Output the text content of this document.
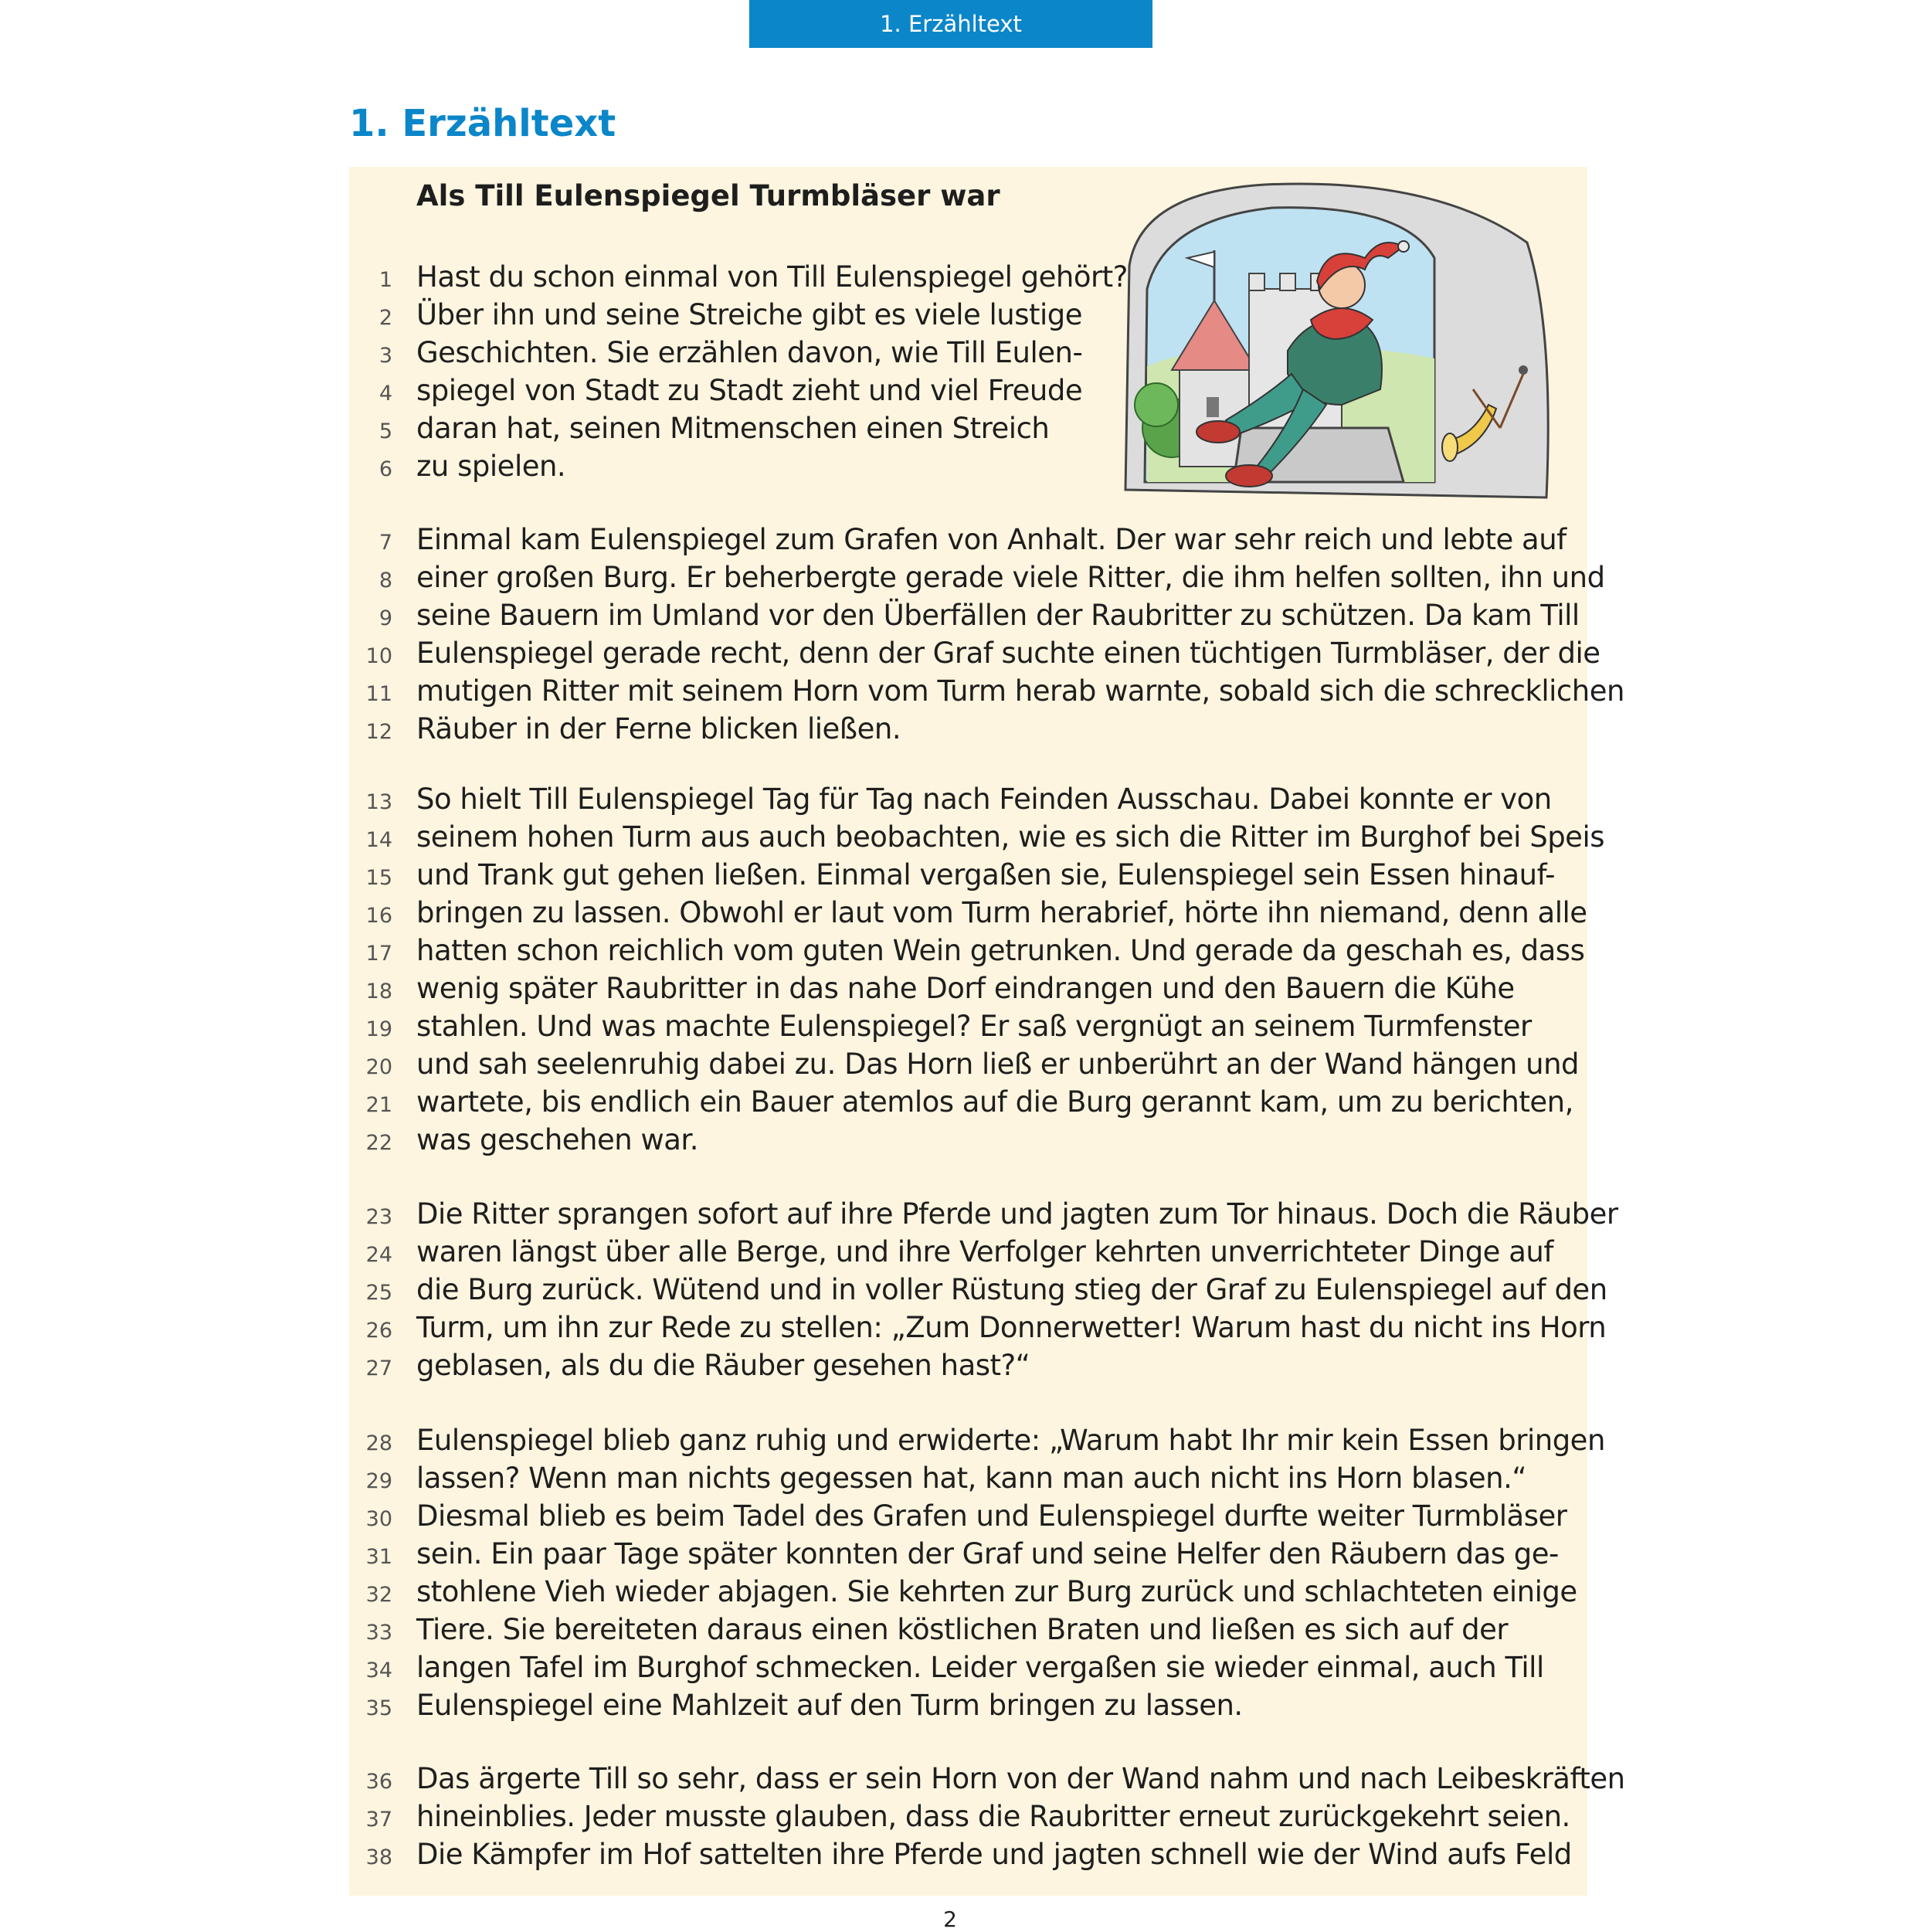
1. Erzähltext
1. Erzähltext
Als Till Eulenspiegel Turmbläser war
1 Hast du schon einmal von Till Eulenspiegel gehört?
2 Über ihn und seine Streiche gibt es viele lustige
3 Geschichten. Sie erzählen davon, wie Till Eulen-
4 spiegel von Stadt zu Stadt zieht und viel Freude
5 daran hat, seinen Mitmenschen einen Streich
6 zu spielen.
7 Einmal kam Eulenspiegel zum Grafen von Anhalt. Der war sehr reich und lebte auf
8 einer großen Burg. Er beherbergte gerade viele Ritter, die ihm helfen sollten, ihn und
9 seine Bauern im Umland vor den Überfällen der Raubritter zu schützen. Da kam Till
10 Eulenspiegel gerade recht, denn der Graf suchte einen tüchtigen Turmbläser, der die
11 mutigen Ritter mit seinem Horn vom Turm herab warnte, sobald sich die schrecklichen
12 Räuber in der Ferne blicken ließen.
13 So hielt Till Eulenspiegel Tag für Tag nach Feinden Ausschau. Dabei konnte er von
14 seinem hohen Turm aus auch beobachten, wie es sich die Ritter im Burghof bei Speis
15 und Trank gut gehen ließen. Einmal vergaßen sie, Eulenspiegel sein Essen hinauf-
16 bringen zu lassen. Obwohl er laut vom Turm herabrief, hörte ihn niemand, denn alle
17 hatten schon reichlich vom guten Wein getrunken. Und gerade da geschah es, dass
18 wenig später Raubritter in das nahe Dorf eindrangen und den Bauern die Kühe
19 stahlen. Und was machte Eulenspiegel? Er saß vergnügt an seinem Turmfenster
20 und sah seelenruhig dabei zu. Das Horn ließ er unberührt an der Wand hängen und
21 wartete, bis endlich ein Bauer atemlos auf die Burg gerannt kam, um zu berichten,
22 was geschehen war.
23 Die Ritter sprangen sofort auf ihre Pferde und jagten zum Tor hinaus. Doch die Räuber
24 waren längst über alle Berge, und ihre Verfolger kehrten unverrichteter Dinge auf
25 die Burg zurück. Wütend und in voller Rüstung stieg der Graf zu Eulenspiegel auf den
26 Turm, um ihn zur Rede zu stellen: „Zum Donnerwetter! Warum hast du nicht ins Horn
27 geblasen, als du die Räuber gesehen hast?“
28 Eulenspiegel blieb ganz ruhig und erwiderte: „Warum habt Ihr mir kein Essen bringen
29 lassen? Wenn man nichts gegessen hat, kann man auch nicht ins Horn blasen.“
30 Diesmal blieb es beim Tadel des Grafen und Eulenspiegel durfte weiter Turmbläser
31 sein. Ein paar Tage später konnten der Graf und seine Helfer den Räubern das ge-
32 stohlene Vieh wieder abjagen. Sie kehrten zur Burg zurück und schlachteten einige
33 Tiere. Sie bereiteten daraus einen köstlichen Braten und ließen es sich auf der
34 langen Tafel im Burghof schmecken. Leider vergaßen sie wieder einmal, auch Till
35 Eulenspiegel eine Mahlzeit auf den Turm bringen zu lassen.
36 Das ärgerte Till so sehr, dass er sein Horn von der Wand nahm und nach Leibeskräften
37 hineinblies. Jeder musste glauben, dass die Raubritter erneut zurückgekehrt seien.
38 Die Kämpfer im Hof sattelten ihre Pferde und jagten schnell wie der Wind aufs Feld
2
